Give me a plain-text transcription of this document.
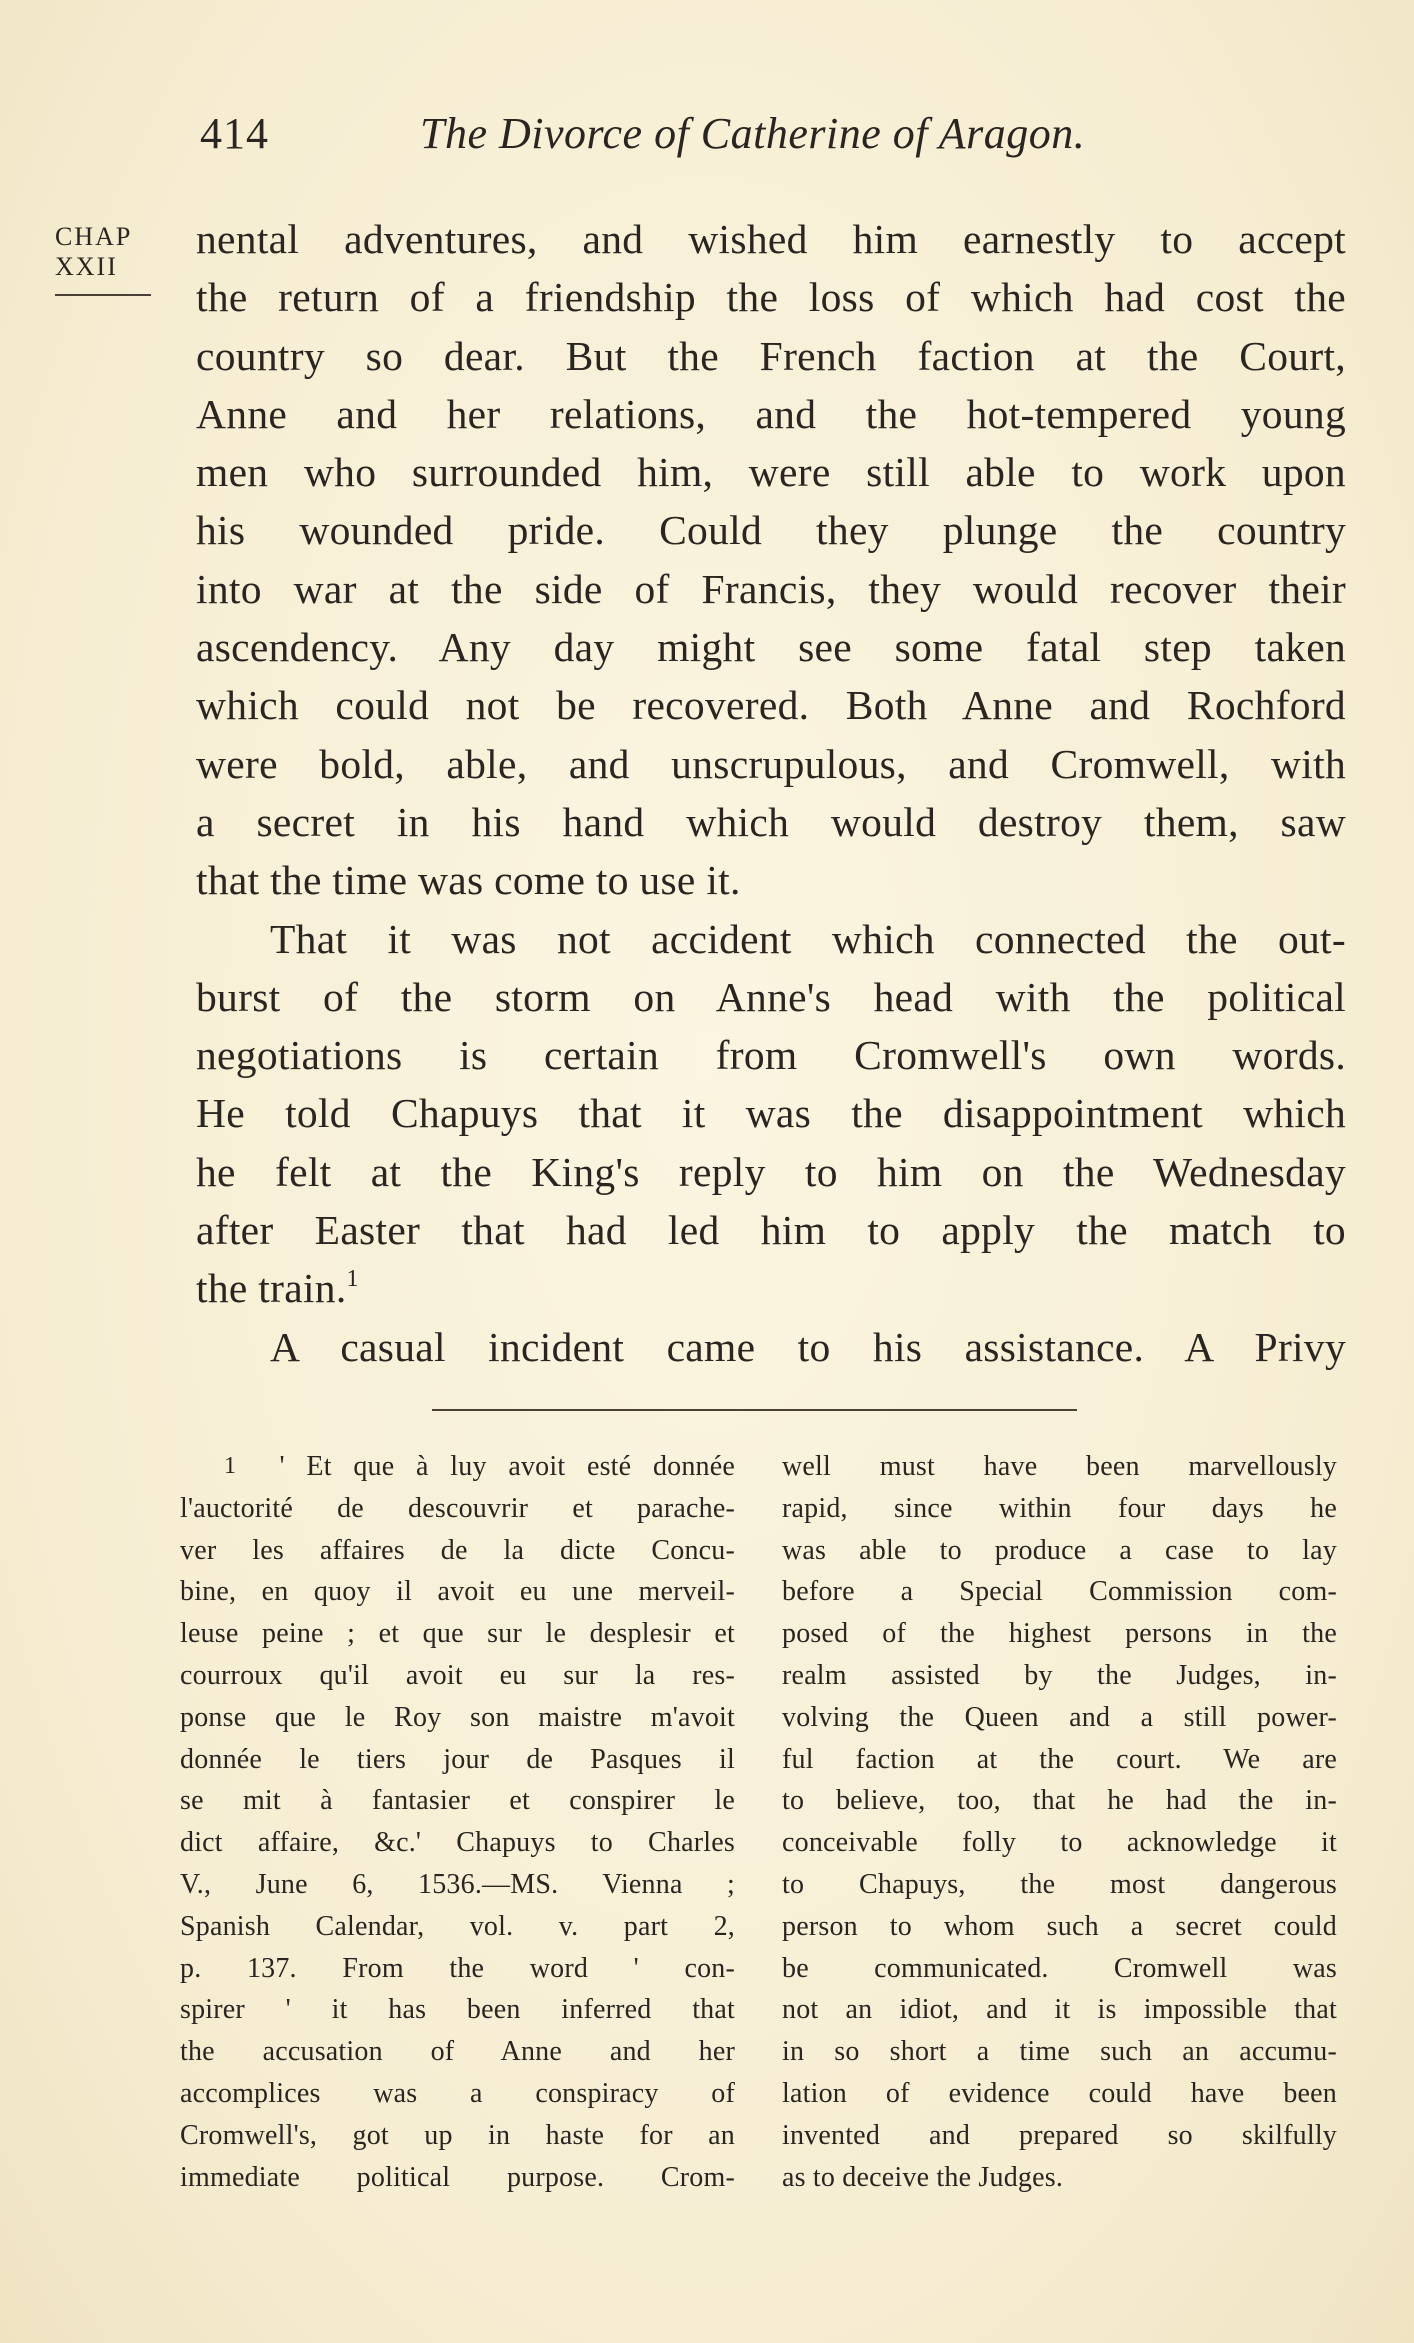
414	The Divorce of Catherine of Aragon.
CHAP
XXII
nental adventures, and wished him earnestly to accept
the return of a friendship the loss of which had cost the
country so dear. But the French faction at the Court,
Anne and her relations, and the hot-tempered young
men who surrounded him, were still able to work upon
his wounded pride. Could they plunge the country
into war at the side of Francis, they would recover their
ascendency. Any day might see some fatal step taken
which could not be recovered. Both Anne and Rochford
were bold, able, and unscrupulous, and Cromwell, with
a secret in his hand which would destroy them, saw
that the time was come to use it.
That it was not accident which connected the out-
burst of the storm on Anne's head with the political
negotiations is certain from Cromwell's own words.
He told Chapuys that it was the disappointment which
he felt at the King's reply to him on the Wednesday
after Easter that had led him to apply the match to
the train.$^1$
A casual incident came to his assistance. A Privy
1 ' Et que à luy avoit esté donnée
l'auctorité de descouvrir et parache-
ver les affaires de la dicte Concu-
bine, en quoy il avoit eu une merveil-
leuse peine ; et que sur le desplesir et
courroux qu'il avoit eu sur la res-
ponse que le Roy son maistre m'avoit
donnée le tiers jour de Pasques il
se mit à fantasier et conspirer le
dict affaire, &c.' Chapuys to Charles
V., June 6, 1536.—MS. Vienna ;
Spanish Calendar, vol. v. part 2,
p. 137. From the word ' con-
spirer ' it has been inferred that
the accusation of Anne and her
accomplices was a conspiracy of
Cromwell's, got up in haste for an
immediate political purpose. Crom-
well must have been marvellously
rapid, since within four days he
was able to produce a case to lay
before a Special Commission com-
posed of the highest persons in the
realm assisted by the Judges, in-
volving the Queen and a still power-
ful faction at the court. We are
to believe, too, that he had the in-
conceivable folly to acknowledge it
to Chapuys, the most dangerous
person to whom such a secret could
be communicated. Cromwell was
not an idiot, and it is impossible that
in so short a time such an accumu-
lation of evidence could have been
invented and prepared so skilfully
as to deceive the Judges.
